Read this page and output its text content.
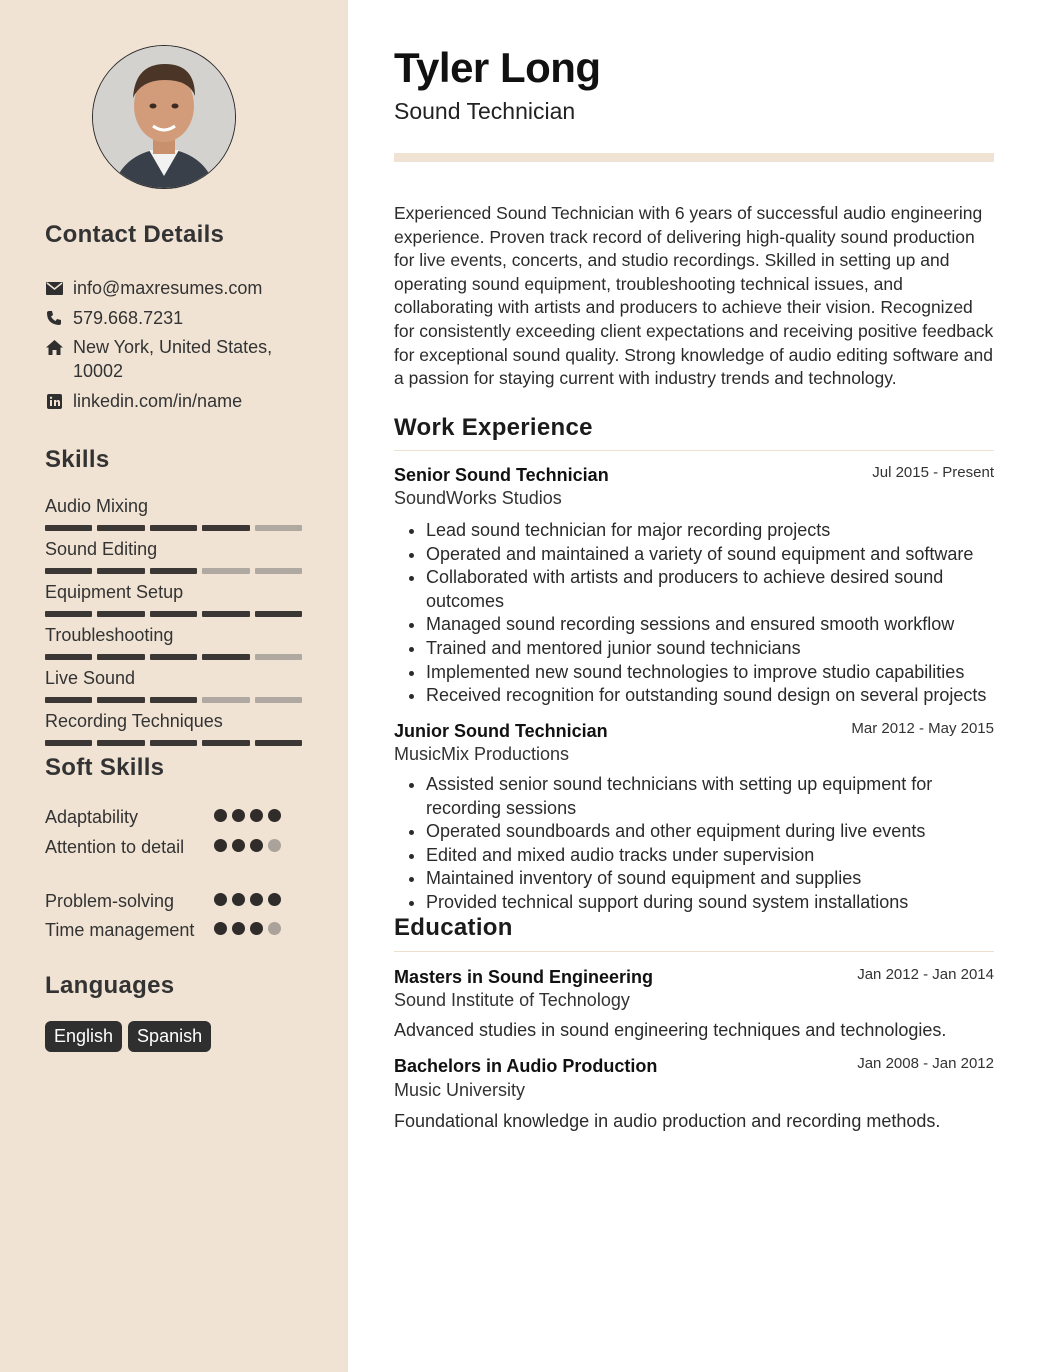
Contact Details
info@maxresumes.com
579.668.7231
New York, United States, 10002
linkedin.com/in/name
Skills
Audio Mixing
Sound Editing
Equipment Setup
Troubleshooting
Live Sound
Recording Techniques
Soft Skills
Adaptability
Attention to detail
Problem-solving
Time management
Languages
English	Spanish
Tyler Long
Sound Technician
Experienced Sound Technician with 6 years of successful audio engineering experience. Proven track record of delivering high-quality sound production for live events, concerts, and studio recordings. Skilled in setting up and operating sound equipment, troubleshooting technical issues, and collaborating with artists and producers to achieve their vision. Recognized for consistently exceeding client expectations and receiving positive feedback for exceptional sound quality. Strong knowledge of audio editing software and a passion for staying current with industry trends and technology.
Work Experience
Senior Sound Technician	Jul 2015 - Present
SoundWorks Studios
• Lead sound technician for major recording projects
• Operated and maintained a variety of sound equipment and software
• Collaborated with artists and producers to achieve desired sound outcomes
• Managed sound recording sessions and ensured smooth workflow
• Trained and mentored junior sound technicians
• Implemented new sound technologies to improve studio capabilities
• Received recognition for outstanding sound design on several projects
Junior Sound Technician	Mar 2012 - May 2015
MusicMix Productions
• Assisted senior sound technicians with setting up equipment for recording sessions
• Operated soundboards and other equipment during live events
• Edited and mixed audio tracks under supervision
• Maintained inventory of sound equipment and supplies
• Provided technical support during sound system installations
Education
Masters in Sound Engineering	Jan 2012 - Jan 2014
Sound Institute of Technology
Advanced studies in sound engineering techniques and technologies.
Bachelors in Audio Production	Jan 2008 - Jan 2012
Music University
Foundational knowledge in audio production and recording methods.
